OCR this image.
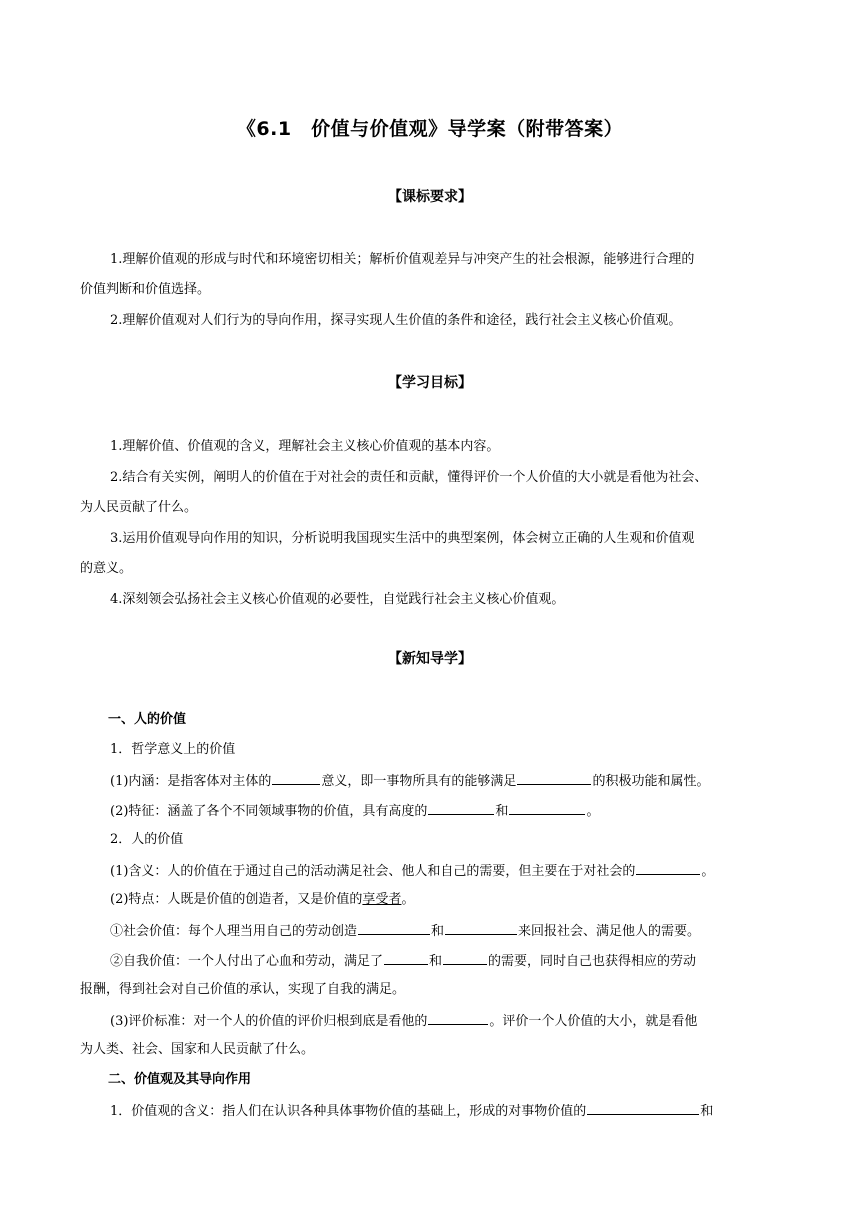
《6.1　价值与价值观》导学案（附带答案）
【课标要求】
1.理解价值观的形成与时代和环境密切相关；解析价值观差异与冲突产生的社会根源，能够进行合理的
价值判断和价值选择。
2.理解价值观对人们行为的导向作用，探寻实现人生价值的条件和途径，践行社会主义核心价值观。
【学习目标】
1.理解价值、价值观的含义，理解社会主义核心价值观的基本内容。
2.结合有关实例，阐明人的价值在于对社会的责任和贡献，懂得评价一个人价值的大小就是看他为社会、
为人民贡献了什么。
3.运用价值观导向作用的知识，分析说明我国现实生活中的典型案例，体会树立正确的人生观和价值观
的意义。
4.深刻领会弘扬社会主义核心价值观的必要性，自觉践行社会主义核心价值观。
【新知导学】
一、人的价值
1．哲学意义上的价值
(1)内涵：是指客体对主体的	意义，即一事物所具有的能够满足	的积极功能和属性。
(2)特征：涵盖了各个不同领域事物的价值，具有高度的	和	。
2．人的价值
(1)含义：人的价值在于通过自己的活动满足社会、他人和自己的需要，但主要在于对社会的	。
(2)特点：人既是价值的创造者，又是价值的享受者。
①社会价值：每个人理当用自己的劳动创造	和	来回报社会、满足他人的需要。
②自我价值：一个人付出了心血和劳动，满足了	和	的需要，同时自己也获得相应的劳动
报酬，得到社会对自己价值的承认，实现了自我的满足。
(3)评价标准：对一个人的价值的评价归根到底是看他的	。评价一个人价值的大小，就是看他
为人类、社会、国家和人民贡献了什么。
二、价值观及其导向作用
1．价值观的含义：指人们在认识各种具体事物价值的基础上，形成的对事物价值的	和
